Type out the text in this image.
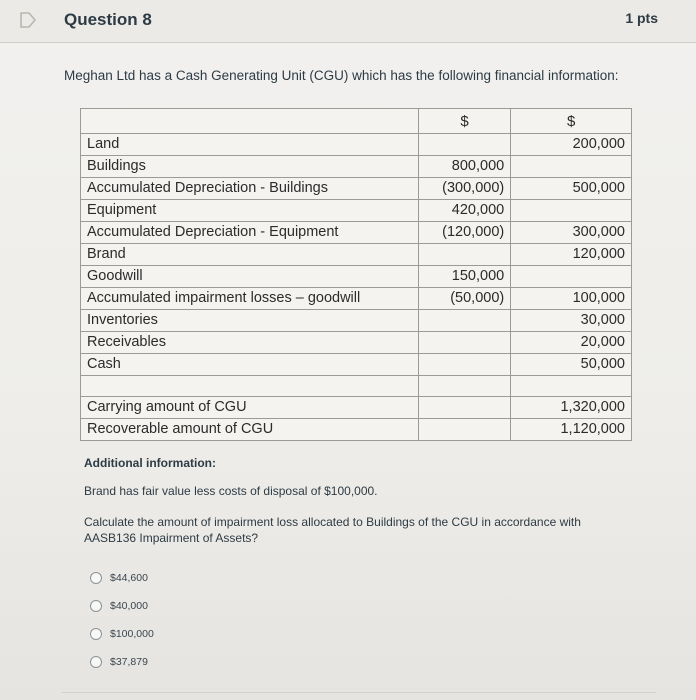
Question 8	1 pts
Meghan Ltd has a Cash Generating Unit (CGU) which has the following financial information:
	$	$
Land		200,000
Buildings	800,000	
Accumulated Depreciation - Buildings	(300,000)	500,000
Equipment	420,000	
Accumulated Depreciation - Equipment	(120,000)	300,000
Brand		120,000
Goodwill	150,000	
Accumulated impairment losses – goodwill	(50,000)	100,000
Inventories		30,000
Receivables		20,000
Cash		50,000

Carrying amount of CGU		1,320,000
Recoverable amount of CGU		1,120,000
Additional information:
Brand has fair value less costs of disposal of $100,000.
Calculate the amount of impairment loss allocated to Buildings of the CGU in accordance with AASB136 Impairment of Assets?
$44,600
$40,000
$100,000
$37,879
